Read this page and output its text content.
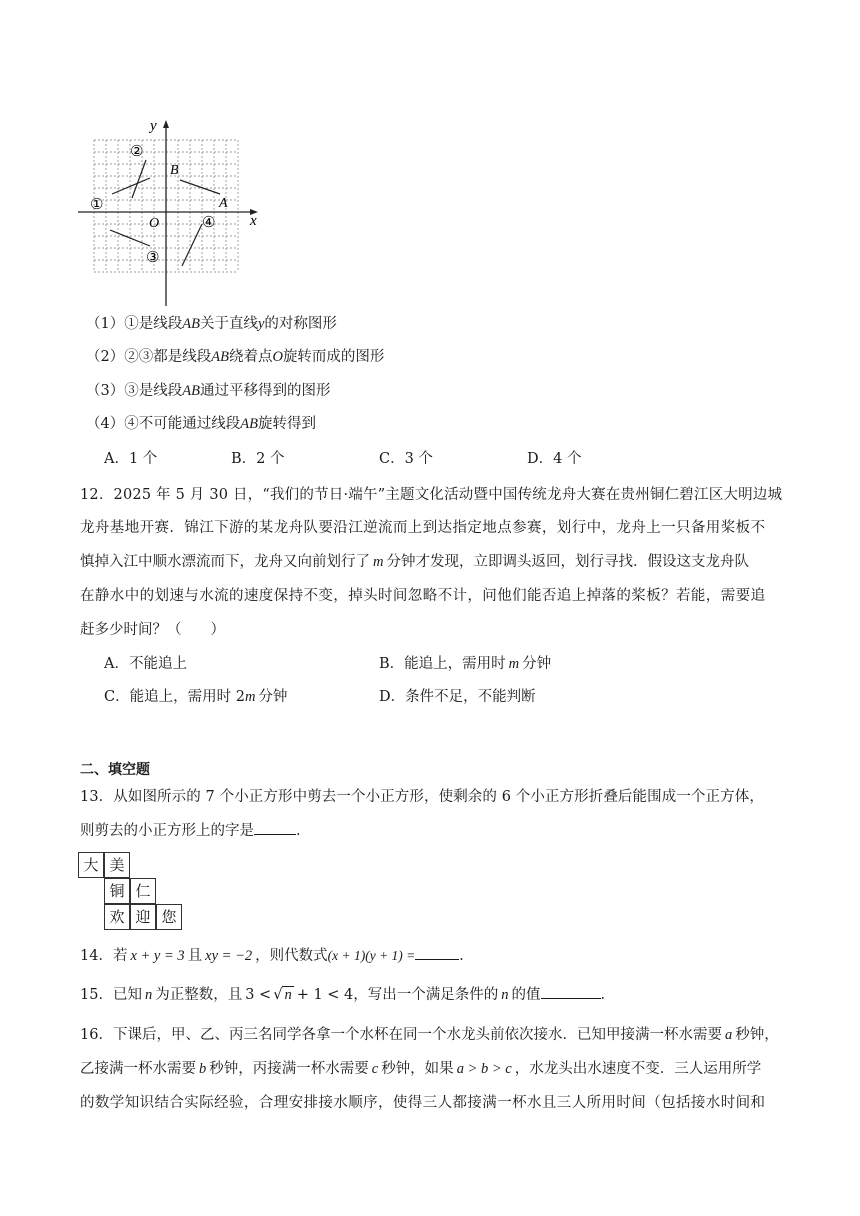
y
x
O
B
A
①
②
③
④
（1）①是线段AB关于直线y的对称图形
（2）②③都是线段AB绕着点O旋转而成的图形
（3）③是线段AB通过平移得到的图形
（4）④不可能通过线段AB旋转得到
A．1 个	B．2 个	C．3 个	D．4 个
12．2025 年 5 月 30 日，“我们的节日·端午”主题文化活动暨中国传统龙舟大赛在贵州铜仁碧江区大明边城
龙舟基地开赛．锦江下游的某龙舟队要沿江逆流而上到达指定地点参赛，划行中，龙舟上一只备用桨板不
慎掉入江中顺水漂流而下，龙舟又向前划行了 m 分钟才发现，立即调头返回，划行寻找．假设这支龙舟队
在静水中的划速与水流的速度保持不变，掉头时间忽略不计，问他们能否追上掉落的桨板？若能，需要追
赶多少时间？（　　）
A．不能追上	B．能追上，需用时 m 分钟
C．能追上，需用时 2m 分钟	D．条件不足，不能判断
二、填空题
13．从如图所示的 7 个小正方形中剪去一个小正方形，使剩余的 6 个小正方形折叠后能围成一个正方体，
则剪去的小正方形上的字是	．
大 美
铜 仁
欢 迎 您
14．若 x + y = 3 且 xy = −2 ，则代数式(x + 1)(y + 1) =	．
15．已知 n 为正整数，且 3 < √ n + 1 < 4，写出一个满足条件的 n 的值	．
16．下课后，甲、乙、丙三名同学各拿一个水杯在同一个水龙头前依次接水．已知甲接满一杯水需要 a 秒钟，
乙接满一杯水需要 b 秒钟，丙接满一杯水需要 c 秒钟，如果 a > b > c ，水龙头出水速度不变．三人运用所学
的数学知识结合实际经验，合理安排接水顺序，使得三人都接满一杯水且三人所用时间（包括接水时间和
